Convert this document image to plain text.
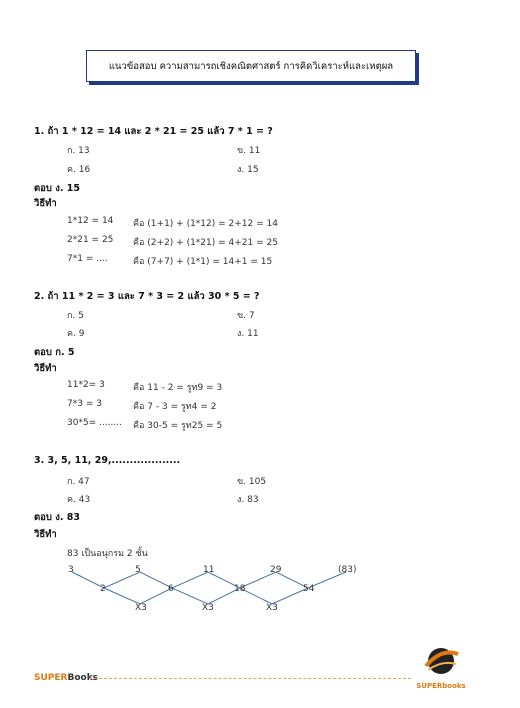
แนวข้อสอบ ความสามารถเชิงคณิตศาสตร์ การคิดวิเคราะห์และเหตุผล
1. ถ้า 1 * 12 = 14 และ 2 * 21 = 25 แล้ว 7 * 1 = ?
ก. 13	ข. 11
ค. 16	ง. 15
ตอบ ง. 15
วิธีทำ
1*12 = 14 คือ (1+1) + (1*12) = 2+12 = 14
2*21 = 25 คือ (2+2) + (1*21) = 4+21 = 25
7*1 = ....	คือ (7+7) + (1*1) = 14+1 = 15
2. ถ้า 11 * 2 = 3 และ 7 * 3 = 2 แล้ว 30 * 5 = ?
ก. 5	ข. 7
ค. 9	ง. 11
ตอบ ก. 5
วิธีทำ
11*2= 3	คือ 11 - 2 = รูท9 = 3
7*3 = 3	คือ 7 - 3 = รูท4 = 2
30*5= ........ คือ 30-5 = รูท25 = 5
3. 3, 5, 11, 29,...................
ก. 47	ข. 105
ค. 43	ง. 83
ตอบ ง. 83
วิธีทำ
83 เป็นอนุกรม 2 ชั้น
3	5	11	29	(83)
2	6	18	54
X3	X3	X3
SUPERBooks
SUPERbooks
